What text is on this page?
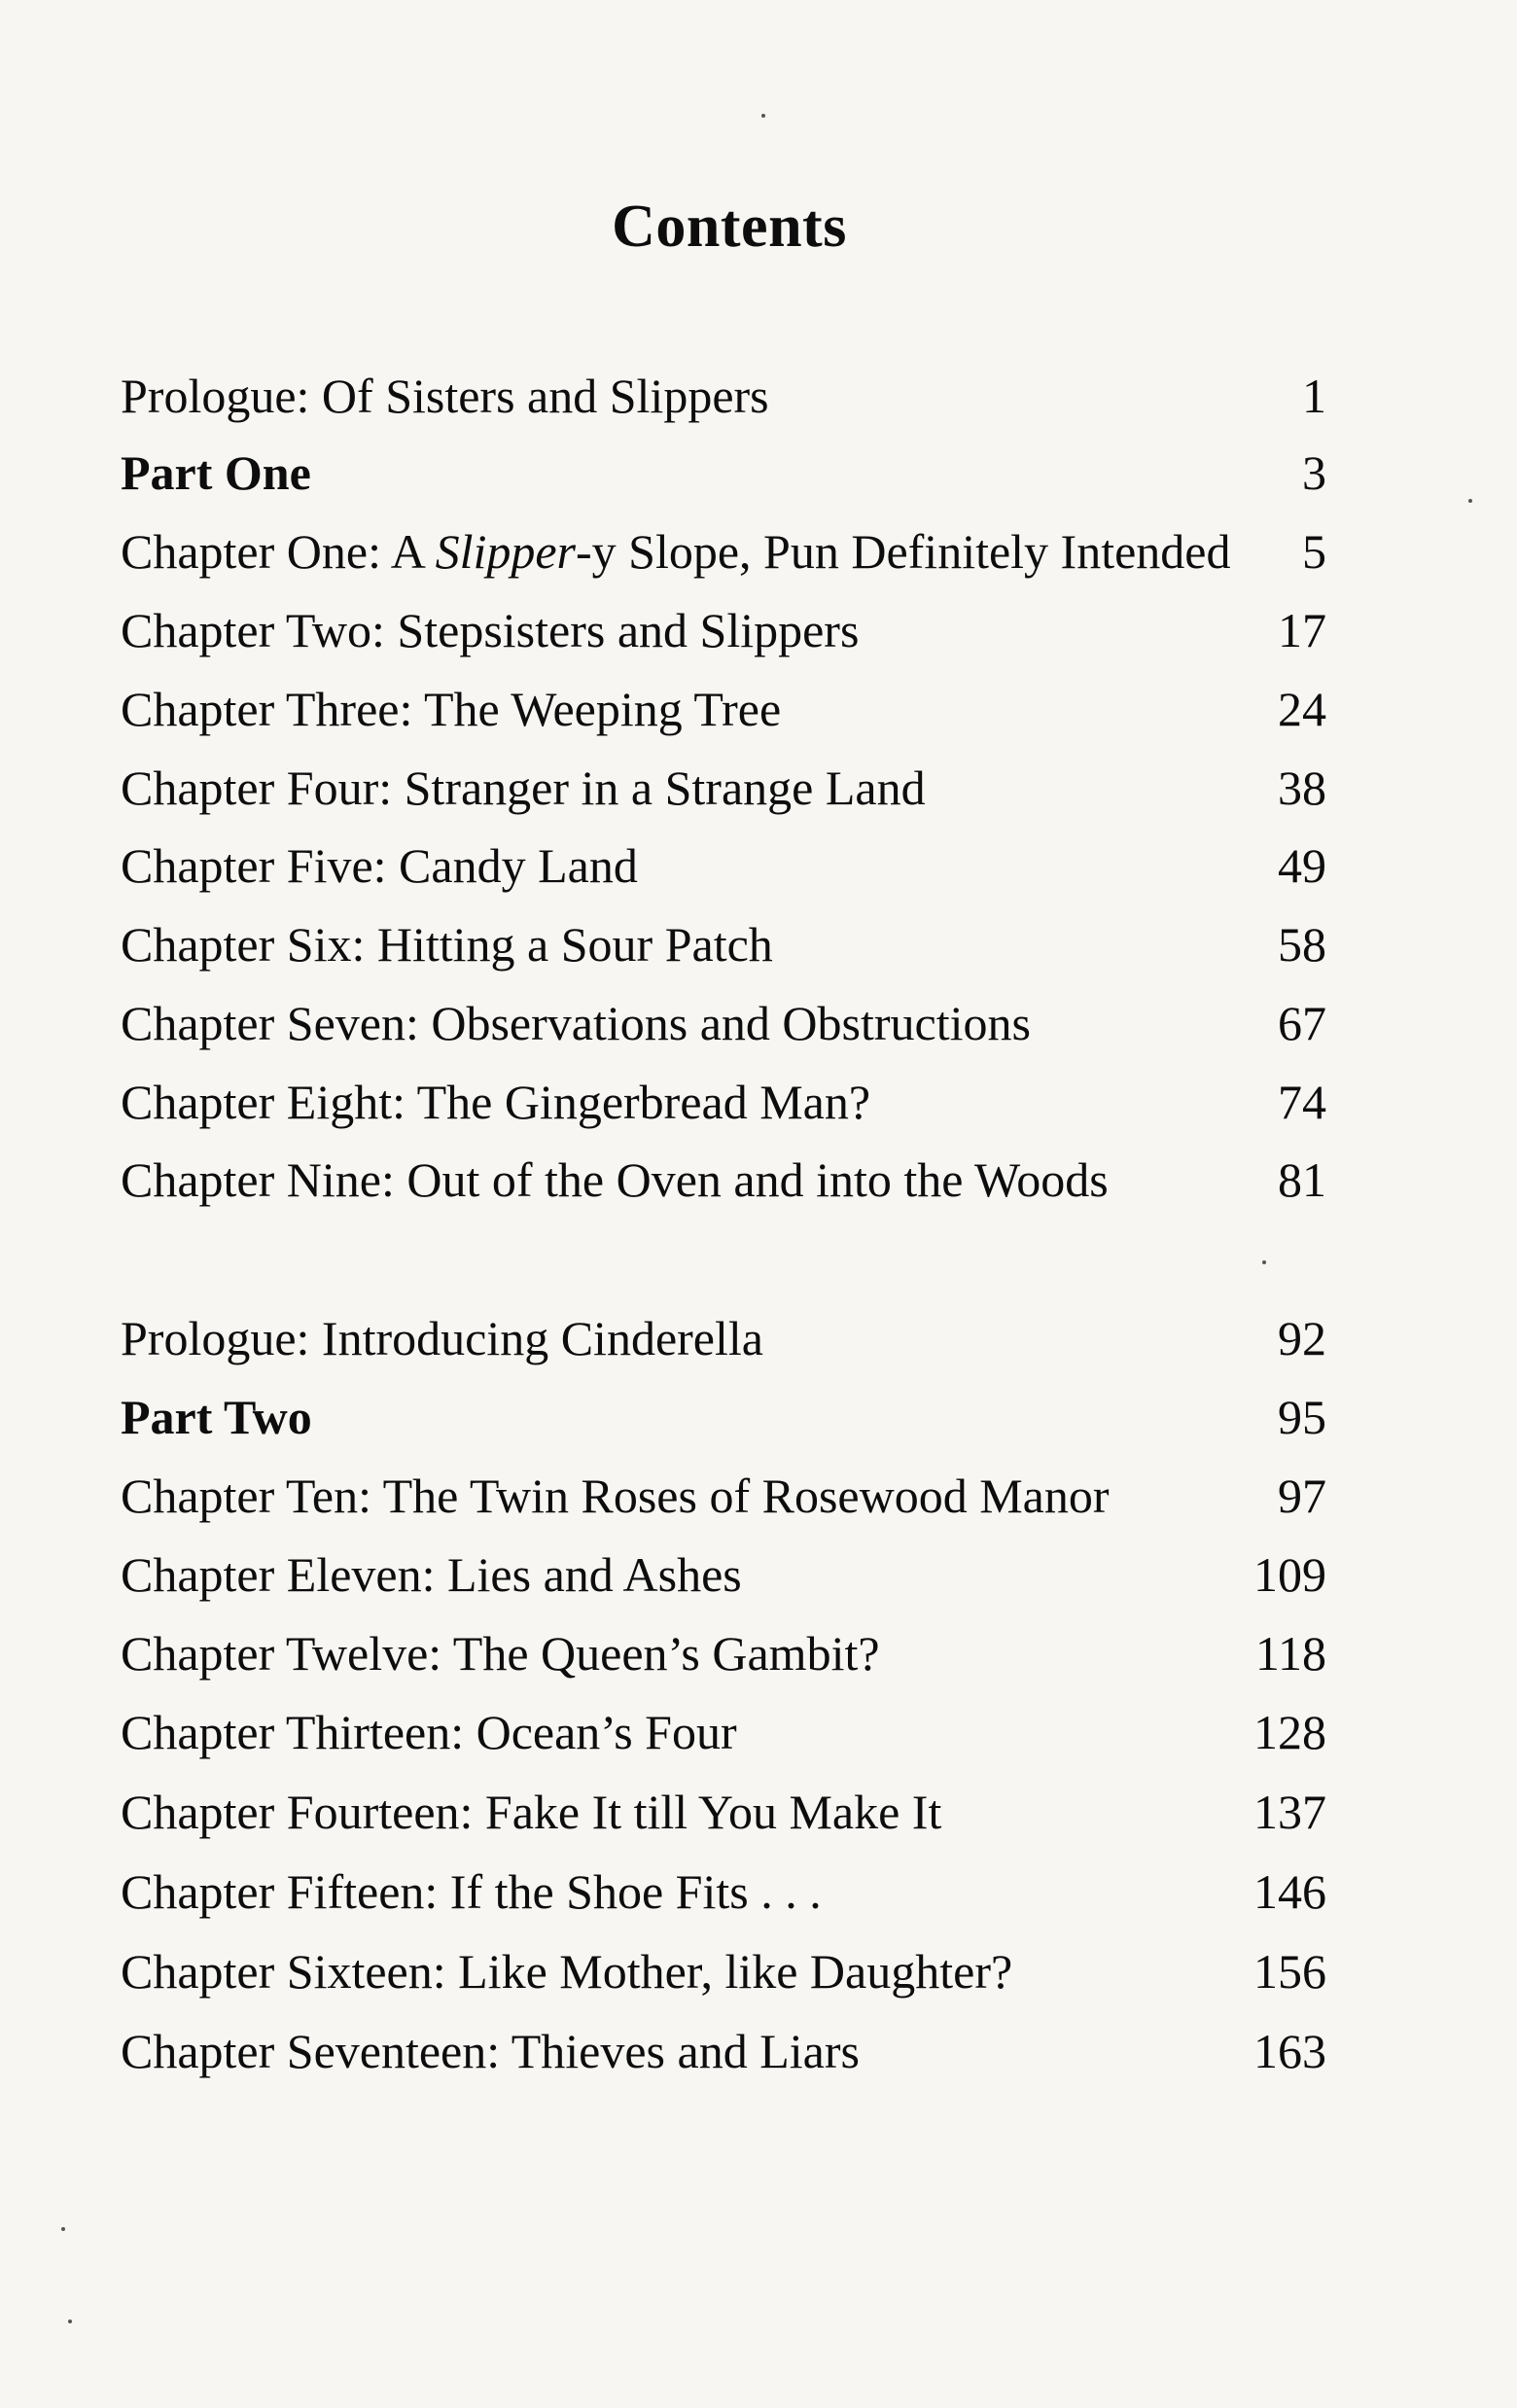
Contents
Prologue: Of Sisters and Slippers	1
Part One	3
Chapter One: A Slipper-y Slope, Pun Definitely Intended	5
Chapter Two: Stepsisters and Slippers	17
Chapter Three: The Weeping Tree	24
Chapter Four: Stranger in a Strange Land	38
Chapter Five: Candy Land	49
Chapter Six: Hitting a Sour Patch	58
Chapter Seven: Observations and Obstructions	67
Chapter Eight: The Gingerbread Man?	74
Chapter Nine: Out of the Oven and into the Woods	81
Prologue: Introducing Cinderella	92
Part Two	95
Chapter Ten: The Twin Roses of Rosewood Manor	97
Chapter Eleven: Lies and Ashes	109
Chapter Twelve: The Queen’s Gambit?	118
Chapter Thirteen: Ocean’s Four	128
Chapter Fourteen: Fake It till You Make It	137
Chapter Fifteen: If the Shoe Fits . . .	146
Chapter Sixteen: Like Mother, like Daughter?	156
Chapter Seventeen: Thieves and Liars	163
